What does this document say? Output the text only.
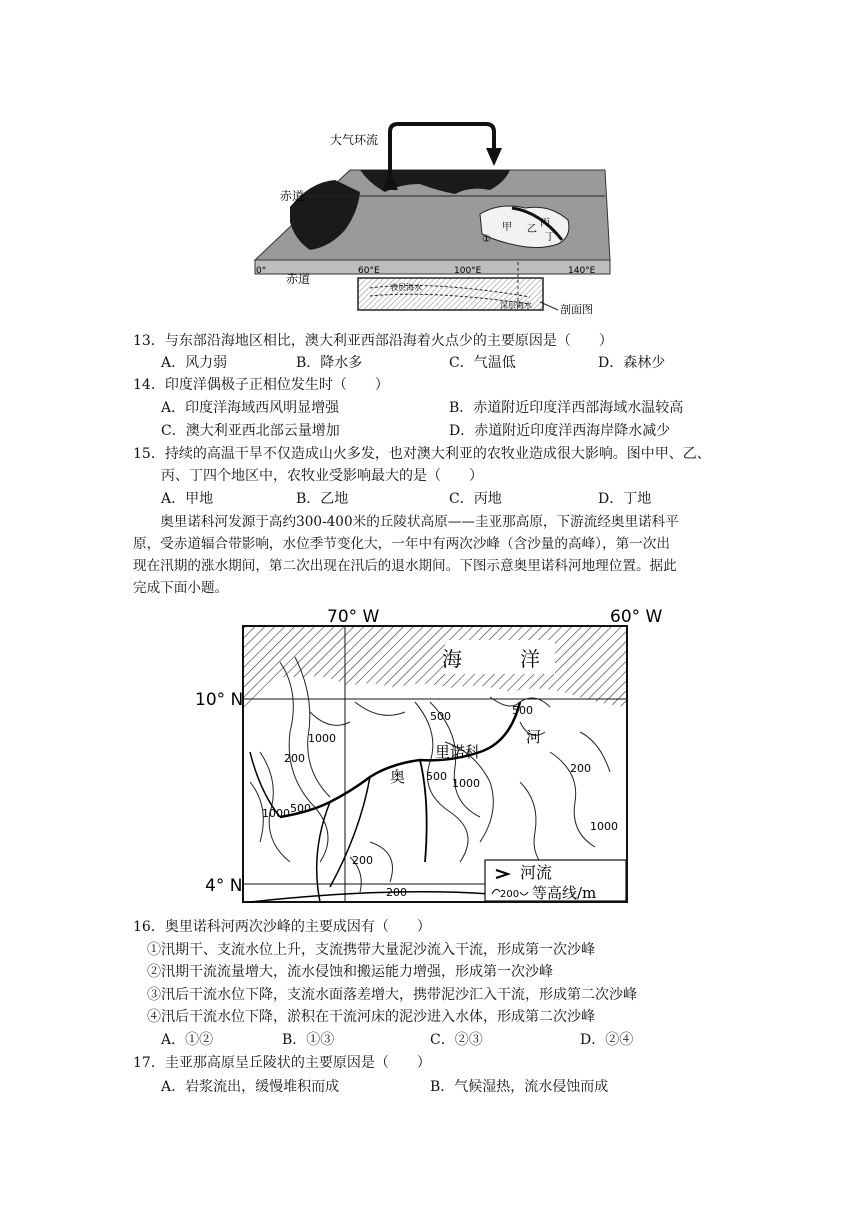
大气环流
赤道
赤道
0°	60°E	100°E	140°E
甲 乙
丙
丁
①
表层海水
深层海水	剖面图
13．与东部沿海地区相比，澳大利亚西部沿海着火点少的主要原因是（　　）
A．风力弱	B．降水多	C．气温低	D．森林少
14．印度洋偶极子正相位发生时（　　）
A．印度洋海域西风明显增强	B．赤道附近印度洋西部海域水温较高
C．澳大利亚西北部云量增加	D．赤道附近印度洋西海岸降水减少
15．持续的高温干旱不仅造成山火多发，也对澳大利亚的农牧业造成很大影响。图中甲、乙、
丙、丁四个地区中，农牧业受影响最大的是（　　）
A．甲地	B．乙地	C．丙地	D．丁地
　　奥里诺科河发源于高约300-400米的丘陵状高原——圭亚那高原，下游流经奥里诺科平
原，受赤道辐合带影响，水位季节变化大，一年中有两次沙峰（含沙量的高峰），第一次出
现在汛期的涨水期间，第二次出现在汛后的退水期间。下图示意奥里诺科河地理位置。据此
完成下面小题。
70° W	60° W
10° N
4° N
海	洋
奥
里诺科
河
500	500
500
500
1000
1000
1000
1000
200
200
200
200
河流
200 等高线/m
16．奥里诺科河两次沙峰的主要成因有（　　）
①汛期干、支流水位上升，支流携带大量泥沙流入干流，形成第一次沙峰
②汛期干流流量增大，流水侵蚀和搬运能力增强，形成第一次沙峰
③汛后干流水位下降，支流水面落差增大，携带泥沙汇入干流，形成第二次沙峰
④汛后干流水位下降，淤积在干流河床的泥沙进入水体，形成第二次沙峰
A．①②	B．①③	C．②③	D．②④
17．圭亚那高原呈丘陵状的主要原因是（　　）
A．岩浆流出，缓慢堆积而成	B．气候湿热，流水侵蚀而成
